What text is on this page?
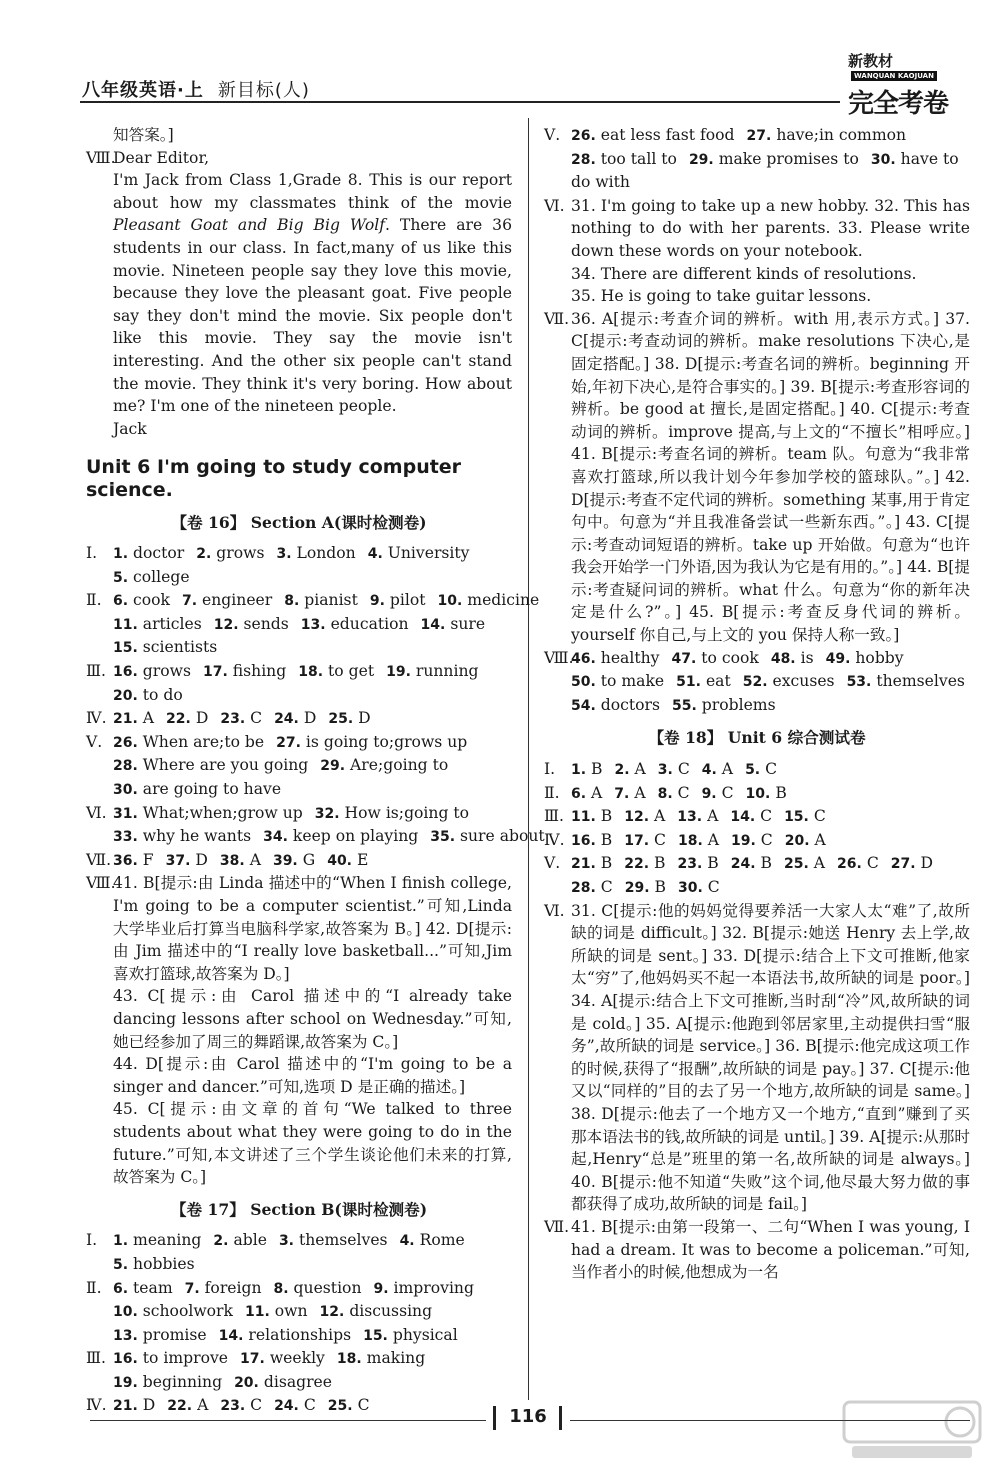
八年级英语·上 新目标(人)
新教材WANQUAN KAOJUAN
完全考卷

知答案。]

Ⅷ.

Dear Editor,

I'm Jack from Class 1,Grade 8. This is our report about how my classmates think of the movie Pleasant Goat and Big Big Wolf. There are 36 students in our class. In fact,many of us like this movie. Nineteen people say they love this movie, because they love the pleasant goat. Five people say they don't mind the movie. Six people don't like this movie. They say the movie isn't interesting. And the other six people can't stand the movie. They think it's very boring. How about me? I'm one of the nineteen people.

Jack

Unit 6 I'm going to study computer science.
【卷 16】 Section A(课时检测卷)
Ⅰ. 1. doctor 2. grows 3. London 4. University
5. college
Ⅱ. 6. cook 7. engineer 8. pianist 9. pilot 10. medicine
11. articles 12. sends 13. education 14. sure
15. scientists
Ⅲ. 16. grows 17. fishing 18. to get 19. running
20. to do
Ⅳ. 21. A 22. D 23. C 24. D 25. D
Ⅴ. 26. When are;to be 27. is going to;grows up
28. Where are you going 29. Are;going to
30. are going to have
Ⅵ. 31. What;when;grow up 32. How is;going to
33. why he wants 34. keep on playing 35. sure about
Ⅶ. 36. F 37. D 38. A 39. G 40. E
Ⅷ.

41. B[提示:由 Linda 描述中的“When I finish college, I'm going to be a computer scientist.”可知,Linda 大学毕业后打算当电脑科学家,故答案为 B。] 42. D[提示:由 Jim 描述中的“I really love basketball...”可知,Jim 喜欢打篮球,故答案为 D。]

43. C[提示:由 Carol 描述中的“I already take dancing lessons after school on Wednesday.”可知,她已经参加了周三的舞蹈课,故答案为 C。]

44. D[提示:由 Carol 描述中的“I'm going to be a singer and dancer.”可知,选项 D 是正确的描述。]

45. C[提示:由文章的首句“We talked to three students about what they were going to do in the future.”可知,本文讲述了三个学生谈论他们未来的打算,故答案为 C。]

【卷 17】 Section B(课时检测卷)
Ⅰ. 1. meaning 2. able 3. themselves 4. Rome
5. hobbies
Ⅱ. 6. team 7. foreign 8. question 9. improving
10. schoolwork 11. own 12. discussing
13. promise 14. relationships 15. physical
Ⅲ. 16. to improve 17. weekly 18. making
19. beginning 20. disagree
Ⅳ. 21. D 22. A 23. C 24. C 25. C
Ⅴ. 26. eat less fast food 27. have;in common
28. too tall to 29. make promises to 30. have to
do with
Ⅵ. 31. I'm going to take up a new hobby. 32. This has nothing to do with her parents. 33. Please write down these words on your notebook.

34. There are different kinds of resolutions.

35. He is going to take guitar lessons.

Ⅶ. 36. A[提示:考查介词的辨析。with 用,表示方式。] 37. C[提示:考查动词的辨析。make resolutions 下决心,是固定搭配。] 38. D[提示:考查名词的辨析。beginning 开始,年初下决心,是符合事实的。] 39. B[提示:考查形容词的辨析。be good at 擅长,是固定搭配。] 40. C[提示:考查动词的辨析。improve 提高,与上文的“不擅长”相呼应。] 41. B[提示:考查名词的辨析。team 队。句意为“我非常喜欢打篮球,所以我计划今年参加学校的篮球队。”。] 42. D[提示:考查不定代词的辨析。something 某事,用于肯定句中。句意为“并且我准备尝试一些新东西。”。] 43. C[提示:考查动词短语的辨析。take up 开始做。句意为“也许我会开始学一门外语,因为我认为它是有用的。”。] 44. B[提示:考查疑问词的辨析。what 什么。句意为“你的新年决定是什么?”。] 45. B[提示:考查反身代词的辨析。yourself 你自己,与上文的 you 保持人称一致。]

Ⅷ.
46. healthy 47. to cook 48. is 49. hobby
50. to make 51. eat 52. excuses 53. themselves
54. doctors 55. problems
【卷 18】 Unit 6 综合测试卷
Ⅰ. 1. B 2. A 3. C 4. A 5. C
Ⅱ. 6. A 7. A 8. C 9. C 10. B
Ⅲ. 11. B 12. A 13. A 14. C 15. C
Ⅳ. 16. B 17. C 18. A 19. C 20. A
Ⅴ. 21. B 22. B 23. B 24. B 25. A 26. C 27. D
28. C 29. B 30. C
Ⅵ. 31. C[提示:他的妈妈觉得要养活一大家人太“难”了,故所缺的词是 difficult。] 32. B[提示:她送 Henry 去上学,故所缺的词是 sent。] 33. D[提示:结合上下文可推断,他家太“穷”了,他妈妈买不起一本语法书,故所缺的词是 poor。] 34. A[提示:结合上下文可推断,当时刮“冷”风,故所缺的词是 cold。] 35. A[提示:他跑到邻居家里,主动提供扫雪“服务”,故所缺的词是 service。] 36. B[提示:他完成这项工作的时候,获得了“报酬”,故所缺的词是 pay。] 37. C[提示:他又以“同样的”目的去了另一个地方,故所缺的词是 same。] 38. D[提示:他去了一个地方又一个地方,“直到”赚到了买那本语法书的钱,故所缺的词是 until。] 39. A[提示:从那时起,Henry“总是”班里的第一名,故所缺的词是 always。] 40. B[提示:他不知道“失败”这个词,他尽最大努力做的事都获得了成功,故所缺的词是 fail。]

Ⅶ. 41. B[提示:由第一段第一、二句“When I was young, I had a dream. It was to become a policeman.”可知,当作者小的时候,他想成为一名

116
